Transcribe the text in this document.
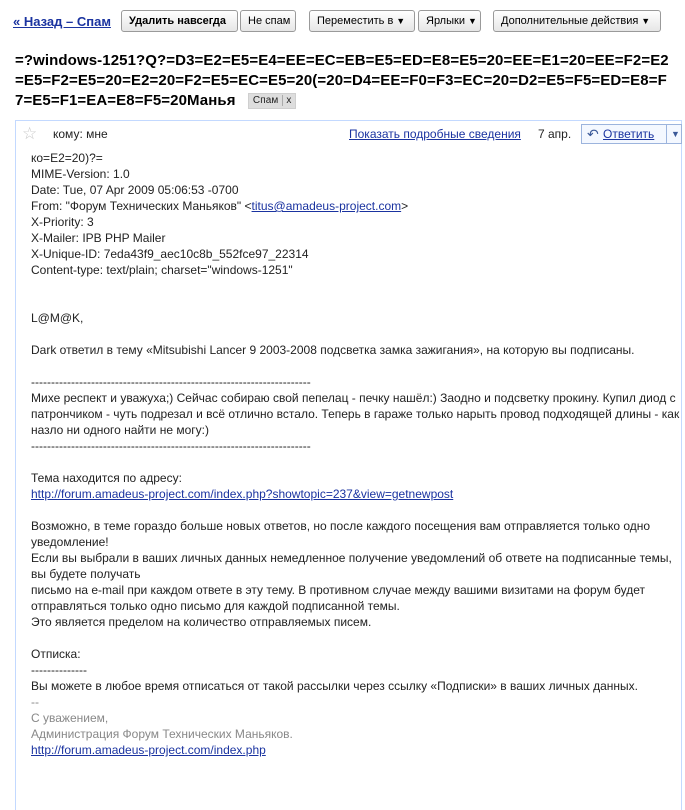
« Назад – Спам	Удалить навсегда	Не спам	Переместить в ▼	Ярлыки ▼	Дополнительные действия ▼
=?windows-1251?Q?=D3=E2=E5=E4=EE=EC=EB=E5=ED=E8=E5=20=EE=E1=20=EE=F2=E2=E5=F2=E5=20=E2=20=F2=E5=EC=E5=20(=20=D4=EE=F0=F3=EC=20=D2=E5=F5=ED=E8=F7=E5=F1=EA=E8=F5=20Манья Спам x
☆ кому: мне	Показать подробные сведения 7 апр. ↶ Ответить ▼
ко=E2=20)?=
MIME-Version: 1.0
Date: Tue, 07 Apr 2009 05:06:53 -0700
From: "Форум Технических Маньяков" <titus@amadeus-project.com>
X-Priority: 3
X-Mailer: IPB PHP Mailer
X-Unique-ID: 7eda43f9_aec10c8b_552fce97_22314
Content-type: text/plain; charset="windows-1251"
L@M@K,
Dark ответил в тему «Mitsubishi Lancer 9 2003-2008 подсветка замка зажигания», на которую вы подписаны.
----------------------------------------------------------------------
Михе респект и уважуха;) Сейчас собираю свой пепелац - печку нашёл:) Заодно и подсветку прокину. Купил диод с патрончиком - чуть подрезал и всё отлично встало. Теперь в гараже только нарыть провод подходящей длины - как назло ни одного найти не могу:)
----------------------------------------------------------------------
Тема находится по адресу:
http://forum.amadeus-project.com/index.php?showtopic=237&view=getnewpost
Возможно, в теме гораздо больше новых ответов, но после каждого посещения вам отправляется только одно уведомление!
Если вы выбрали в ваших личных данных немедленное получение уведомлений об ответе на подписанные темы, вы будете получать
письмо на e-mail при каждом ответе в эту тему. В противном случае между вашими визитами на форум будет отправляться только одно письмо для каждой подписанной темы.
Это является пределом на количество отправляемых писем.
Отписка:
--------------
Вы можете в любое время отписаться от такой рассылки через ссылку «Подписки» в ваших личных данных.
--
С уважением,
Администрация Форум Технических Маньяков.
http://forum.amadeus-project.com/index.php
